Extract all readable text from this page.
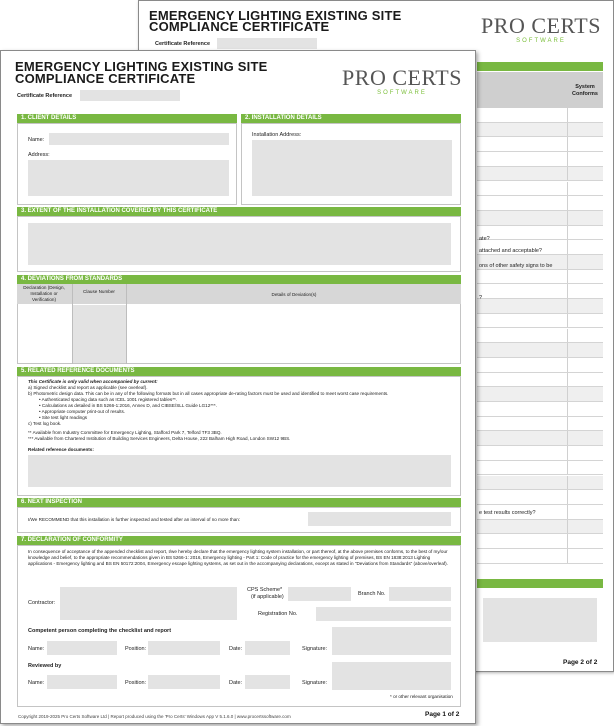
EMERGENCY LIGHTING EXISTING SITE
COMPLIANCE CERTIFICATE	PRO CERTS
SOFTWARE
Certificate Reference
System
Conforms
ate?
attached and acceptable?
ons of other safety signs to be
?
e test results correctly?
Page 2 of 2
EMERGENCY LIGHTING EXISTING SITE
COMPLIANCE CERTIFICATE	PRO CERTS
SOFTWARE
Certificate Reference
1. CLIENT DETAILS
Name:
Address:
2. INSTALLATION DETAILS
Installation Address:
3. EXTENT OF THE INSTALLATION COVERED BY THIS CERTIFICATE
4. DEVIATIONS FROM STANDARDS
Declaration (Design, Installation or Verification)
Clause Number
Details of Deviation(s)
5. RELATED REFERENCE DOCUMENTS
This Certificate is only valid when accompanied by current:
a) Signed checklist and report as applicable (see overleaf).
b) Photometric design data. This can be in any of the following formats but in all cases appropriate de-rating factors must be used and identified to meet worst case requirements.
• Authenticated spacing data such as ICEL 1001 registered tables**.
• Calculations as detailed in BS 5266-1:2016, Annex D, and CIBSE/SLL Guide LG12***.
• Appropriate computer print-out of results.
• Site test light readings
c) Test log book.
** Available from Industry Committee for Emergency Lighting, Stafford Park 7, Telford TF3 3BQ.
*** Available from Chartered Institution of Building Services Engineers, Delta House, 222 Balham High Road, London SW12 9BS.
Related reference documents:
6. NEXT INSPECTION
I/We RECOMMEND that this installation is further inspected and tested after an interval of no more than:
7. DECLARATION OF CONFORMITY
In consequence of acceptance of the appended checklist and report, I/we hereby declare that the emergency lighting system installation, or part thereof, at the above premises conforms, to the best of my/our knowledge and belief, to the appropriate recommendations given in BS 5266-1: 2016, Emergency lighting - Part 1: Code of practice for the emergency lighting of premises, BS EN 1838:2013 Lighting applications - Emergency lighting and BS EN 50172:2004, Emergency escape lighting systems, as set out in the accompanying declarations, except as stated in "Deviations from Standards" (above/overleaf).
Contractor:
CPS Scheme*
(if applicable)	Branch No.
Registration No.
Competent person completing the checklist and report
Name:	Position:	Date:	Signature:
Reviewed by
Name:	Position:	Date:	Signature:
* or other relevant organisation
Copyright 2019-2025 Pro Certs Software Ltd | Report produced using the 'Pro Certs' Windows App V 5.1.6.0 | www.procertssoftware.com	Page 1 of 2
